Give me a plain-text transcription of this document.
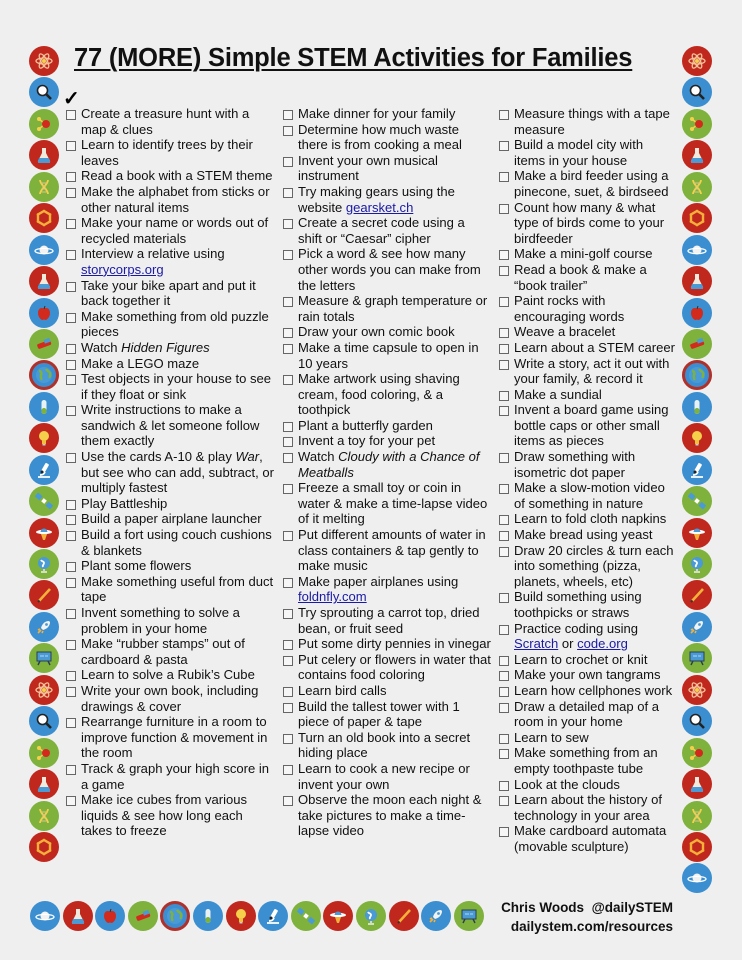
77 (MORE) Simple STEM Activities for Families
✓
Create a treasure hunt with a map & clues
Learn to identify trees by their leaves
Read a book with a STEM theme
Make the alphabet from sticks or other natural items
Make your name or words out of recycled materials
Interview a relative using storycorps.org
Take your bike apart and put it back together it
Make something from old puzzle pieces
Watch Hidden Figures
Make a LEGO maze
Test objects in your house to see if they float or sink
Write instructions to make a sandwich & let someone follow them exactly
Use the cards A-10 & play War, but see who can add, subtract, or multiply fastest
Play Battleship
Build a paper airplane launcher
Build a fort using couch cushions & blankets
Plant some flowers
Make something useful from duct tape
Invent something to solve a problem in your home
Make “rubber stamps” out of cardboard & pasta
Learn to solve a Rubik’s Cube
Write your own book, including drawings & cover
Rearrange furniture in a room to improve function & movement in the room
Track & graph your high score in a game
Make ice cubes from various liquids & see how long each takes to freeze
Make dinner for your family
Determine how much waste there is from cooking a meal
Invent your own musical instrument
Try making gears using the website gearsket.ch
Create a secret code using a shift or “Caesar” cipher
Pick a word & see how many other words you can make from the letters
Measure & graph temperature or rain totals
Draw your own comic book
Make a time capsule to open in 10 years
Make artwork using shaving cream, food coloring, & a toothpick
Plant a butterfly garden
Invent a toy for your pet
Watch Cloudy with a Chance of Meatballs
Freeze a small toy or coin in water & make a time-lapse video of it melting
Put different amounts of water in class containers & tap gently to make music
Make paper airplanes using foldnfly.com
Try sprouting a carrot top, dried bean, or fruit seed
Put some dirty pennies in vinegar
Put celery or flowers in water that contains food coloring
Learn bird calls
Build the tallest tower with 1 piece of paper & tape
Turn an old book into a secret hiding place
Learn to cook a new recipe or invent your own
Observe the moon each night & take pictures to make a time-lapse video
Measure things with a tape measure
Build a model city with items in your house
Make a bird feeder using a pinecone, suet, & birdseed
Count how many & what type of birds come to your birdfeeder
Make a mini-golf course
Read a book & make a “book trailer”
Paint rocks with encouraging words
Weave a bracelet
Learn about a STEM career
Write a story, act it out with your family, & record it
Make a sundial
Invent a board game using bottle caps or other small items as pieces
Draw something with isometric dot paper
Make a slow-motion video of something in nature
Learn to fold cloth napkins
Make bread using yeast
Draw 20 circles & turn each into something (pizza, planets, wheels, etc)
Build something using toothpicks or straws
Practice coding using Scratch or code.org
Learn to crochet or knit
Make your own tangrams
Learn how cellphones work
Draw a detailed map of a room in your home
Learn to sew
Make something from an empty toothpaste tube
Look at the clouds
Learn about the history of technology in your area
Make cardboard automata (movable sculpture)
Chris Woods  @dailySTEM
dailystem.com/resources
